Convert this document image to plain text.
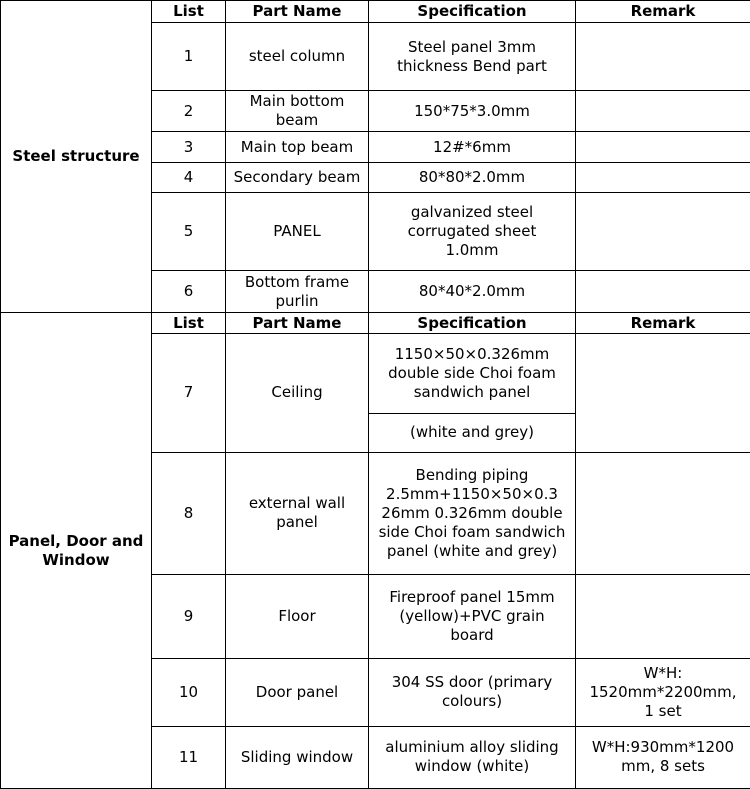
Steel structure	List	Part Name	Specification	Remark
	1	steel column	Steel panel 3mm
thickness Bend part	
	2	Main bottom
beam	150*75*3.0mm	
	3	Main top beam	12#*6mm	
	4	Secondary beam	80*80*2.0mm	
	5	PANEL	galvanized steel
corrugated sheet
1.0mm	
	6	Bottom frame
purlin	80*40*2.0mm	
Panel, Door and
Window	List	Part Name	Specification	Remark
	7	Ceiling	1150×50×0.326mm
double side Choi foam
sandwich panel	
			(white and grey)	
	8	external wall
panel	Bending piping
2.5mm+1150×50×0.3
26mm 0.326mm double
side Choi foam sandwich
panel (white and grey)	
	9	Floor	Fireproof panel 15mm
(yellow)+PVC grain
board	
	10	Door panel	304 SS door (primary
colours)	W*H:
1520mm*2200mm,
1 set
	11	Sliding window	aluminium alloy sliding
window (white)	W*H:930mm*1200
mm, 8 sets
